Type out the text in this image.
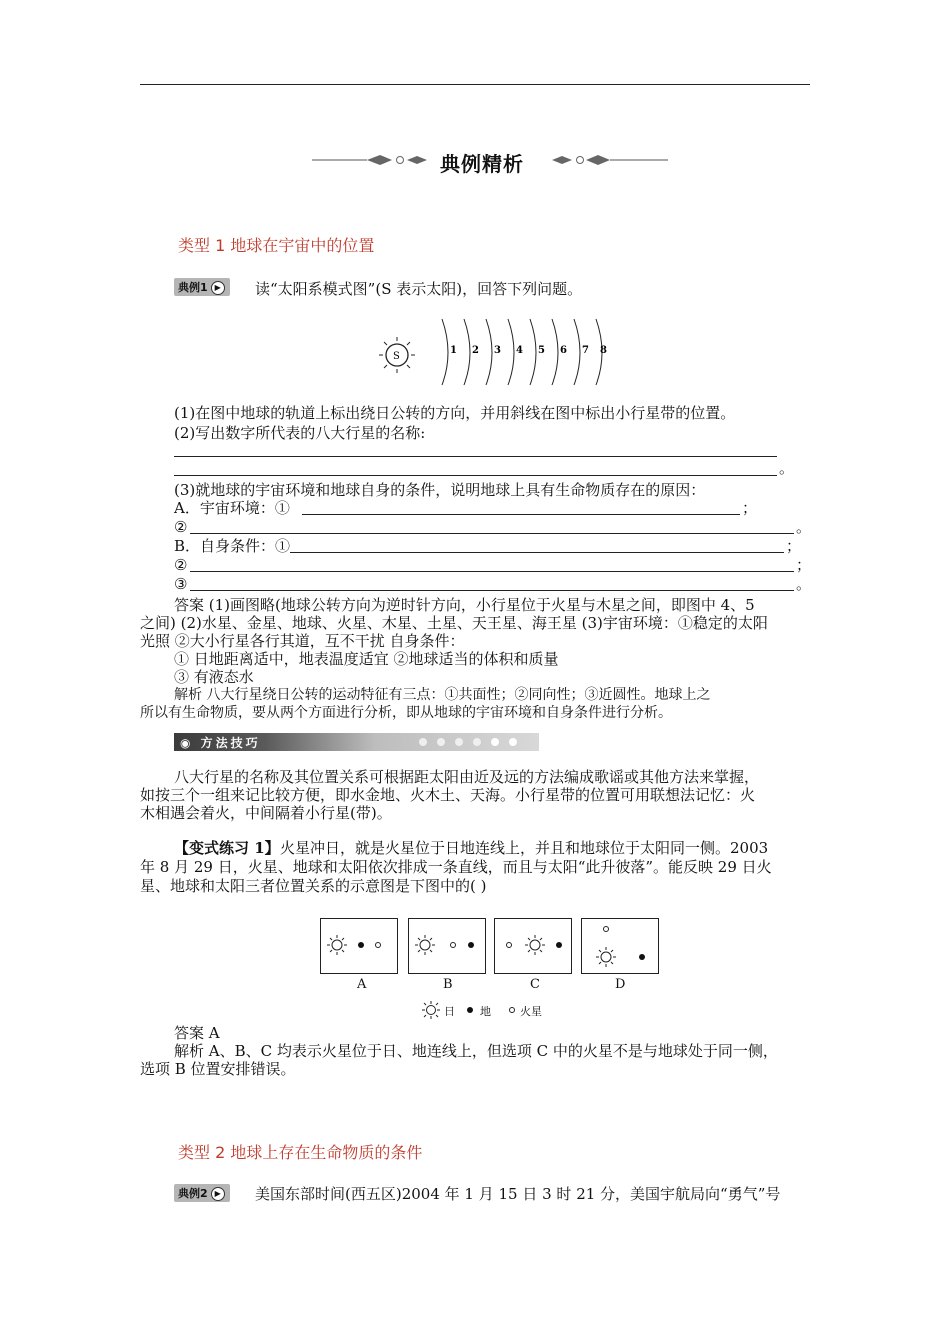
典例精析
类型 1 地球在宇宙中的位置
典例1 ▶	读“太阳系模式图”(S 表示太阳)，回答下列问题。
S
1 2 3 4 5 6 7 8
(1)在图中地球的轨道上标出绕日公转的方向，并用斜线在图中标出小行星带的位置。
(2)写出数字所代表的八大行星的名称:
。
(3)就地球的宇宙环境和地球自身的条件，说明地球上具有生命物质存在的原因：
A．宇宙环境：①	；
②	。
B．自身条件：①	；
②	；
③	。
答案 (1)画图略(地球公转方向为逆时针方向，小行星位于火星与木星之间，即图中 4、5
之间) (2)水星、金星、地球、火星、木星、土星、天王星、海王星 (3)宇宙环境：①稳定的太阳
光照 ②大小行星各行其道，互不干扰 自身条件：
① 日地距离适中，地表温度适宜 ②地球适当的体积和质量
③ 有液态水
解析 八大行星绕日公转的运动特征有三点：①共面性；②同向性；③近圆性。地球上之
所以有生命物质，要从两个方面进行分析，即从地球的宇宙环境和自身条件进行分析。
◉ 方法技巧
八大行星的名称及其位置关系可根据距太阳由近及远的方法编成歌谣或其他方法来掌握，
如按三个一组来记比较方便，即水金地、火木土、天海。小行星带的位置可用联想法记忆：火
木相遇会着火，中间隔着小行星(带)。
【变式练习 1】 火星冲日，就是火星位于日地连线上，并且和地球位于太阳同一侧。2003
年 8 月 29 日，火星、地球和太阳依次排成一条直线，而且与太阳“此升彼落”。能反映 29 日火
星、地球和太阳三者位置关系的示意图是下图中的( )
A	B	C	D
日 地	火星
答案 A
解析 A、B、C 均表示火星位于日、地连线上，但选项 C 中的火星不是与地球处于同一侧，
选项 B 位置安排错误。
类型 2 地球上存在生命物质的条件
典例2 ▶	美国东部时间(西五区)2004 年 1 月 15 日 3 时 21 分，美国宇航局向“勇气”号
